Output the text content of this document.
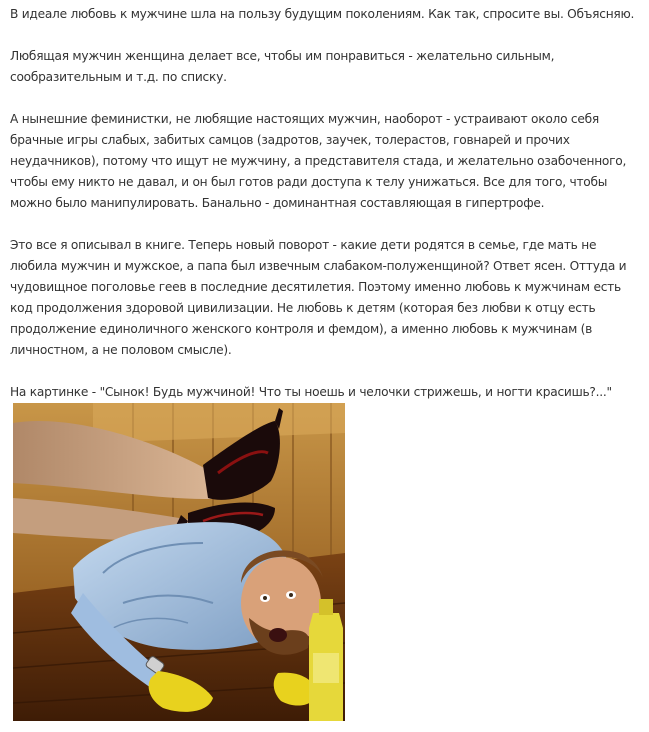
В идеале любовь к мужчине шла на пользу будущим поколениям. Как так, спросите вы. Объясняю.

Любящая мужчин женщина делает все, чтобы им понравиться - желательно сильным, сообразительным и т.д. по списку.

А нынешние феминистки, не любящие настоящих мужчин, наоборот - устраивают около себя брачные игры слабых, забитых самцов (задротов, заучек, толерастов, говнарей и прочих неудачников), потому что ищут не мужчину, а представителя стада, и желательно озабоченного, чтобы ему никто не давал, и он был готов ради доступа к телу унижаться. Все для того, чтобы можно было манипулировать. Банально - доминантная составляющая в гипертрофе.

Это все я описывал в книге. Теперь новый поворот - какие дети родятся в семье, где мать не любила мужчин и мужское, а папа был извечным слабаком-полуженщиной? Ответ ясен. Оттуда и чудовищное поголовье геев в последние десятилетия. Поэтому именно любовь к мужчинам есть код продолжения здоровой цивилизации. Не любовь к детям (которая без любви к отцу есть продолжение единоличного женского контроля и фемдом), а именно любовь к мужчинам (в личностном, а не половом смысле).

На картинке - "Сынок! Будь мужчиной! Что ты ноешь и челочки стрижешь, и ногти красишь?..."
